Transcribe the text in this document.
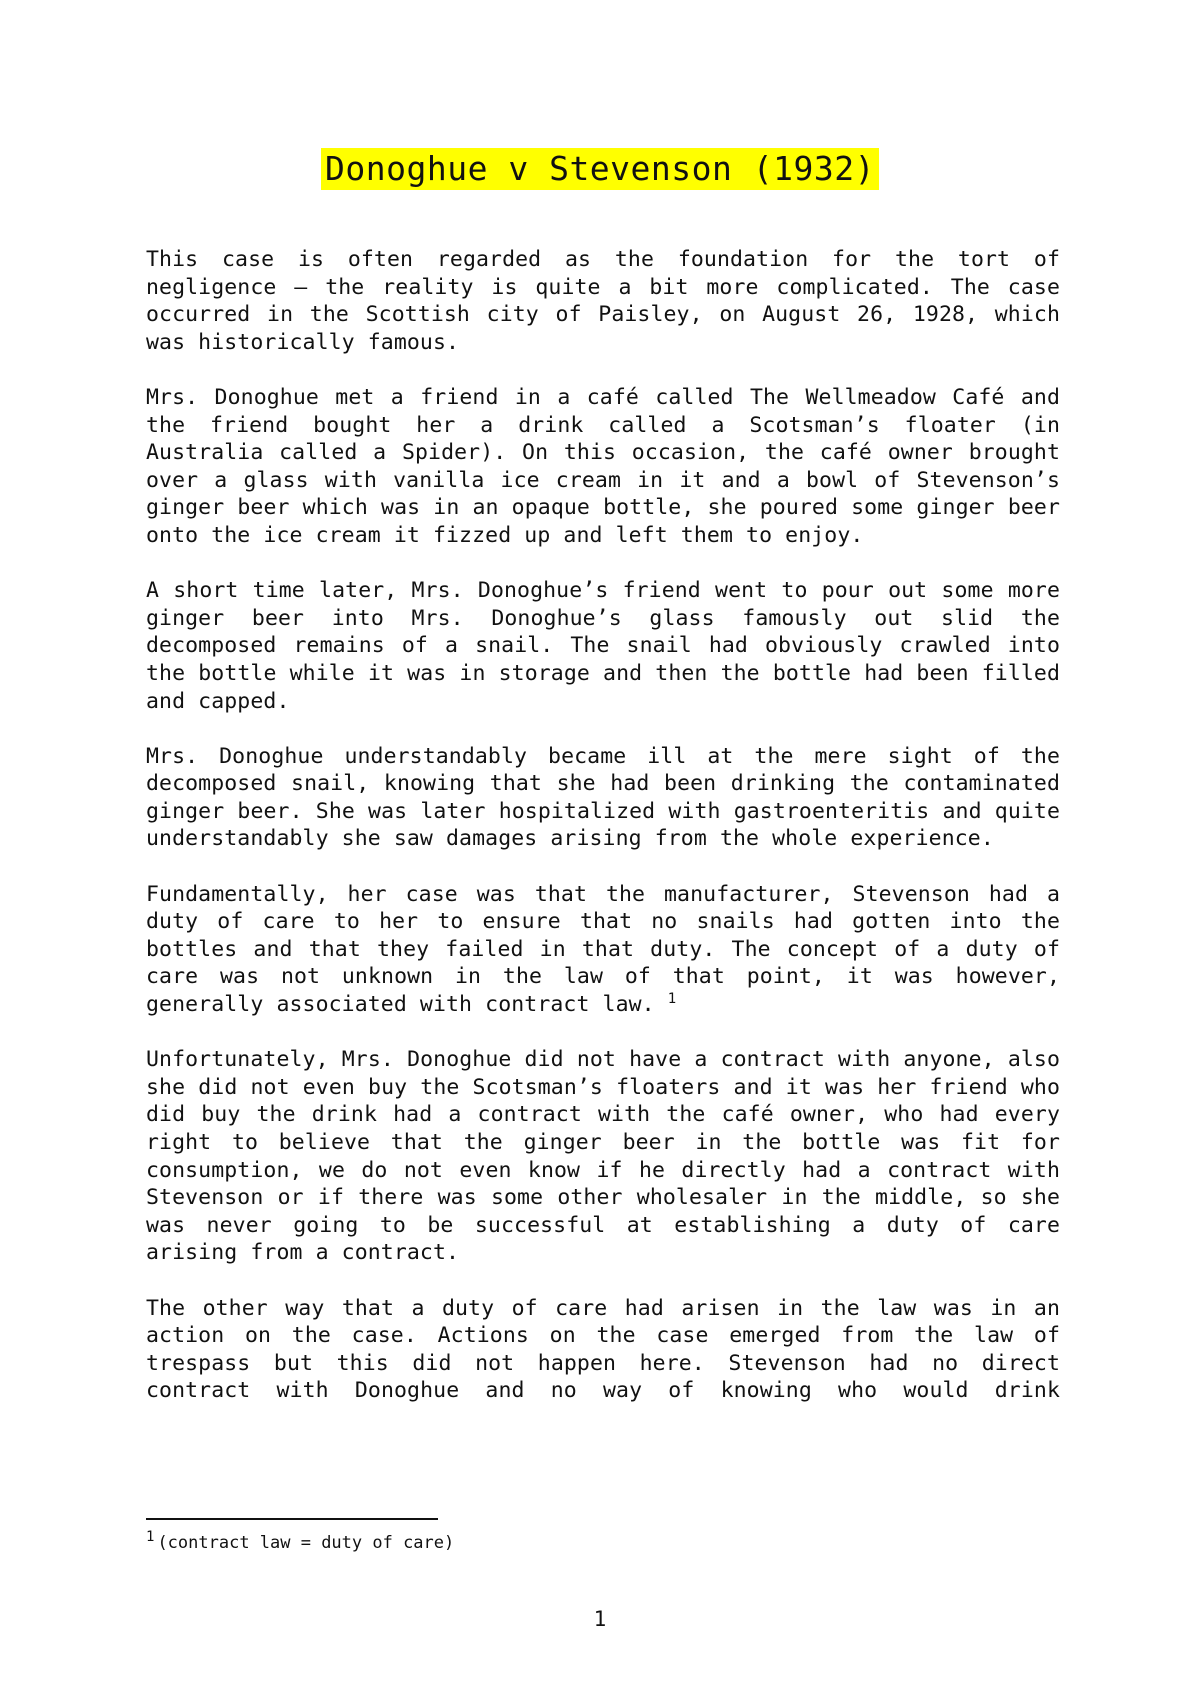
Donoghue v Stevenson (1932)

This case is often regarded as the foundation for the tort of negligence – the reality is quite a bit more complicated. The case occurred in the Scottish city of Paisley, on August 26, 1928, which was historically famous.

Mrs. Donoghue met a friend in a café called The Wellmeadow Café and the friend bought her a drink called a Scotsman’s floater (in Australia called a Spider). On this occasion, the café owner brought over a glass with vanilla ice cream in it and a bowl of Stevenson’s ginger beer which was in an opaque bottle, she poured some ginger beer onto the ice cream it fizzed up and left them to enjoy.

A short time later, Mrs. Donoghue’s friend went to pour out some more ginger beer into Mrs. Donoghue’s glass famously out slid the decomposed remains of a snail. The snail had obviously crawled into the bottle while it was in storage and then the bottle had been filled and capped.

Mrs. Donoghue understandably became ill at the mere sight of the decomposed snail, knowing that she had been drinking the contaminated ginger beer. She was later hospitalized with gastroenteritis and quite understandably she saw damages arising from the whole experience.

Fundamentally, her case was that the manufacturer, Stevenson had a duty of care to her to ensure that no snails had gotten into the bottles and that they failed in that duty. The concept of a duty of care was not unknown in the law of that point, it was however, generally associated with contract law. $^1$

Unfortunately, Mrs. Donoghue did not have a contract with anyone, also she did not even buy the Scotsman’s floaters and it was her friend who did buy the drink had a contract with the café owner, who had every right to believe that the ginger beer in the bottle was fit for consumption, we do not even know if he directly had a contract with Stevenson or if there was some other wholesaler in the middle, so she was never going to be successful at establishing a duty of care arising from a contract.

The other way that a duty of care had arisen in the law was in an action on the case. Actions on the case emerged from the law of trespass but this did not happen here. Stevenson had no direct contract with Donoghue and no way of knowing who would drink

$^1$ (contract law = duty of care)
1
